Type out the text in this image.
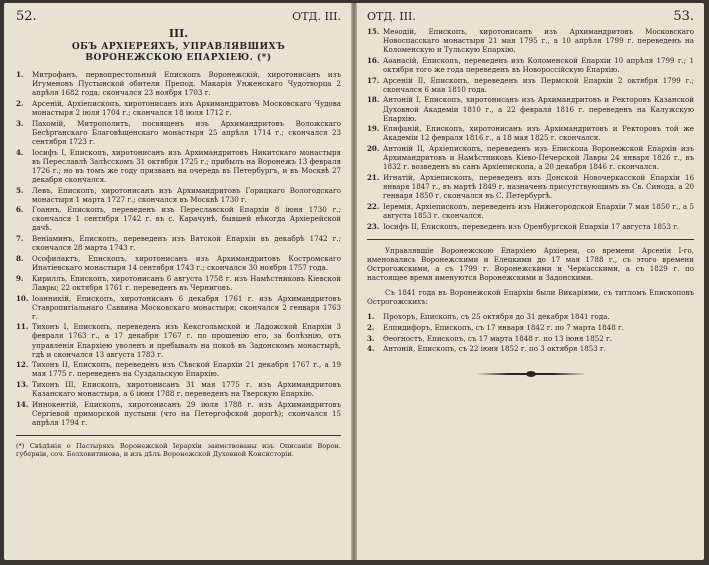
52.	ОТД. III.
III.
ОБЪ АРХІЕРЕЯХЪ, УПРАВЛЯВШИХЪ ВОРОНЕЖСКОЮ ЕПАРХІЕЮ. (*)
1.	Митрофанъ, первопрестольный Епископъ Воронежскій, хиротонисанъ изъ Игуменовъ Пустынской обители Препод. Макарія Унженскаго Чудотворца 2 апрѣля 1682 года; скончался 23 ноября 1703 г.
2.	Арсеній, Архіепископъ, хиротонисанъ изъ Архимандритовъ Московскаго Чудова монастыря 2 іюля 1704 г.; скончался 18 іюля 1712 г.
3.	Пахомій, Митрополитъ, посвященъ изъ Архимандритовъ Воложскаго Бесѣрганскаго Благовѣщенскаго монастыря 25 апрѣля 1714 г.; скончался 23 сентября 1723 г.
4.	Іосифъ I, Епископъ, хиротонисанъ изъ Архимандритовъ Никитскаго монастыря въ Переславлѣ Залѣсскомъ 31 октября 1725 г.; прибылъ на Воронежъ 13 февраля 1726 г.; но въ томъ же году призванъ на очередь въ Петербургъ, и въ Москвѣ 27 декабря скончался.
5.	Левъ, Епископъ, хиротонисанъ изъ Архимандритовъ Горицкаго Вологодскаго монастыря 1 марта 1727 г.; скончался въ Москвѣ 1730 г.
6.	Гоаннъ, Епископъ, переведенъ изъ Переславской Епархіи 8 іюня 1730 г.; скончался 1 сентября 1742 г. въ с. Карачунѣ, бывшей нѣкогда Архіерейской дачѣ.
7.	Веніаминъ, Епископъ, переведенъ изъ Вятской Епархіи въ декабрѣ 1742 г.; скончался 28 марта 1743 г.
8.	Ософилактъ, Епископъ, хиротонисанъ изъ Архимандритовъ Костромскаго Ипатіевскаго монастыря 14 сентября 1743 г.; скончался 30 ноября 1757 года.
9.	Кириллъ, Епископъ, хиротонисанъ 6 августа 1758 г. изъ Намѣстниковъ Кіевской Лавры; 22 октября 1761 г. переведенъ въ Черниговъ.
10. Іоанникій, Епископъ, хиротонисанъ 6 декабря 1761 г. изъ Архимандритовъ Ставропигіальнаго Саввина Московскаго монастыря; скончался 2 генваря 1763 г.
11. Тихонъ I, Епископъ, переведенъ изъ Кексгольмской и Ладожской Епархіи 3 февраля 1763 г., а 17 декабря 1767 г. по прошенію его, за болѣзнію, отъ управленія Епархіею уволенъ и пребывалъ на покоѣ въ Задонскомъ монастырѣ, гдѣ и скончался 13 августа 1783 г.
12. Тихонъ II, Епископъ, переведенъ изъ Сѣвской Епархіи 21 декабря 1767 г., а 19 мая 1775 г. переведенъ на Суздальскую Епархію.
13. Тихонъ III, Епископъ, хиротонисанъ 31 мая 1775 г. изъ Архимандритовъ Казанскаго монастыря, а 6 іюня 1788 г. переведенъ на Тверскую Епархію.
14. Иннокентій, Епископъ, хиротонисанъ 29 іюля 1788 г. изъ Архимандритовъ Сергіевой приморской пустыни (что на Петергофской дорогѣ); скончался 15 апрѣля 1794 г.
(*) Свѣдѣнія о Пастыряхъ Воронежской Іерархіи заимствованы изъ Описанія Ворон. губерніи, соч. Болховитинова, и изъ дѣлъ Воронежской Духовной Консисторіи.
ОТД. III.	53.
15. Меѳодій, Епископъ, хиротонисанъ изъ Архимандритовъ Московскаго Новоспасскаго монастыря 21 мая 1795 г., а 10 апрѣля 1799 г. переведенъ на Коломенскую и Тульскую Епархію.
16. Аѳанасій, Епископъ, переведенъ изъ Коломенской Епархіи 10 апрѣля 1799 г.; 1 октября того же года переведенъ въ Новороссійскую Епархію.
17. Арсеній II, Епископъ, переведенъ изъ Пермской Епархіи 2 октября 1799 г.; скончался 6 мая 1810 года.
18. Антоній I, Епископъ, хиротонисанъ изъ Архимандритовъ и Ректоровъ Казанской Духовной Академіи 1810 г., а 22 февраля 1816 г. переведенъ на Калужскую Епархію.
19. Епифаній, Епископъ, хиротонисанъ изъ Архимандритовъ и Ректоровъ той же Академіи 12 февраля 1816 г., а 18 мая 1825 г. скончался.
20. Антоній II, Архіепископъ, переведенъ изъ Епископа Воронежской Епархіи изъ Архимандритовъ и Намѣстниковъ Кіево-Печерской Лавры 24 января 1826 г., въ 1832 г. возведенъ въ санъ Архіепископа, а 20 декабря 1846 г. скончался.
21. Игнатій, Архіепископъ, переведенъ изъ Донской Новочеркасской Епархіи 16 января 1847 г., въ мартѣ 1849 г. назначенъ присутствующимъ въ Св. Синода, а 20 генваря 1850 г. скончался въ С. Петербургѣ.
22. Іеремія, Архіепископъ, переведенъ изъ Нижегородской Епархіи 7 мая 1850 г., а 5 августа 1853 г. скончался.
23. Іосифъ II, Епископъ, переведенъ изъ Оренбургской Епархіи 17 августа 1853 г.
Управлявшіе Воронежскою Епархіею Архіереи, со времени Арсенія I-го, именовались Воронежскими и Елецкими до 17 мая 1788 г., съ этого времени Острогожскими, а съ 1799 г. Воронежскими и Черкасскими, а съ 1829 г. по настоящее время именуются Воронежскими и Задонскими.
Съ 1841 года въ Воронежской Епархіи были Викаріями, съ титломъ Епископовъ Острогожскихъ:
1.	Прохоръ, Епископъ, съ 25 октября до 31 декабря 1841 года.
2.	Елпидифоръ, Епископъ, съ 17 января 1842 г. по 7 марта 1848 г.
3.	Ѳеогностъ, Епископъ, съ 17 марта 1848 г. по 13 іюня 1852 г.
4.	Антоній, Епископъ, съ 22 іюня 1852 г. по 3 октября 1853 г.
